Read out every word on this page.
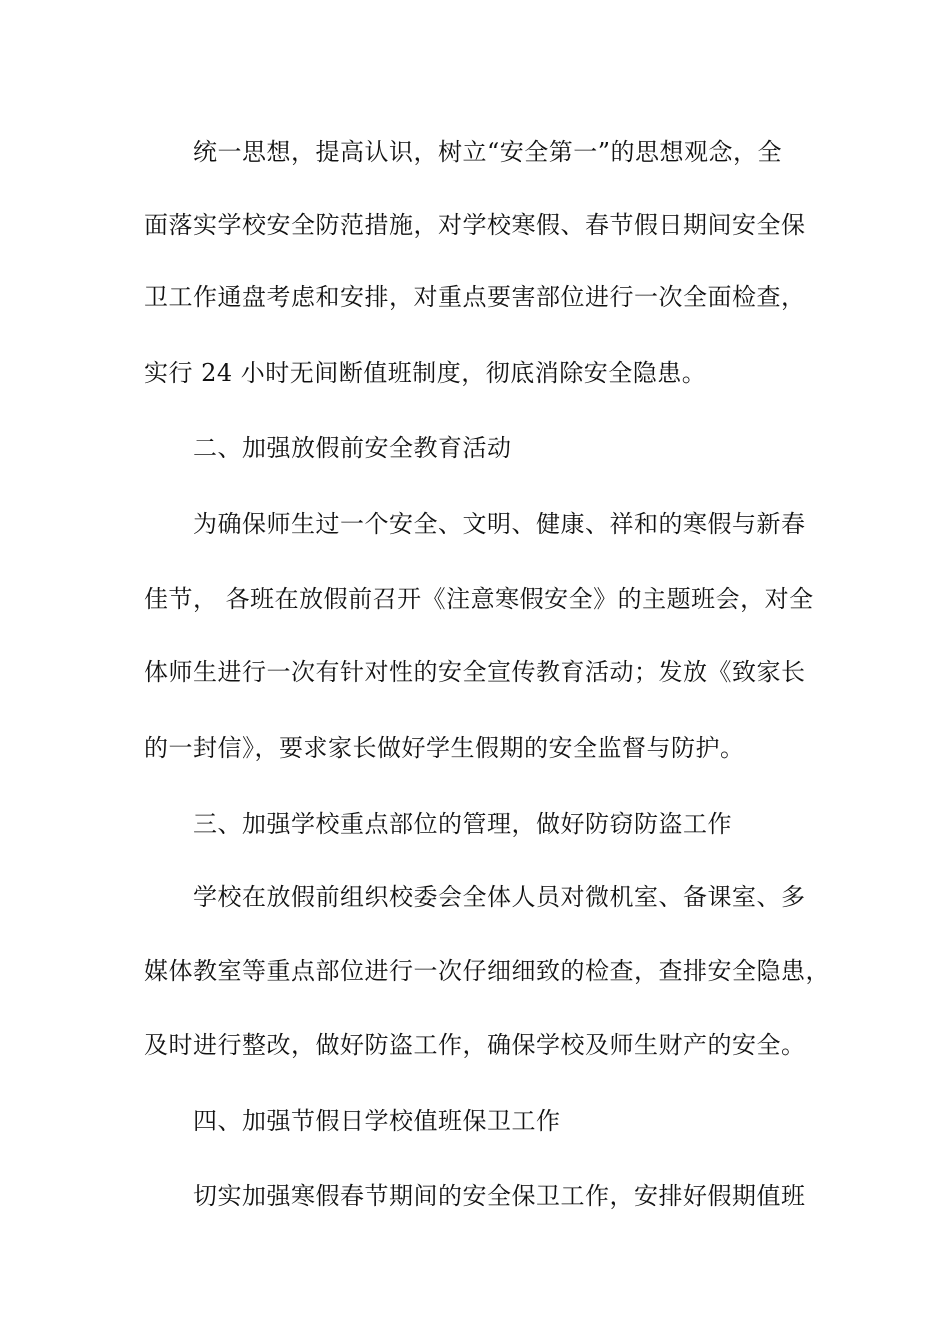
统一思想，提高认识，树立“安全第一”的思想观念，全
面落实学校安全防范措施，对学校寒假、春节假日期间安全保
卫工作通盘考虑和安排，对重点要害部位进行一次全面检查，
实行 24 小时无间断值班制度，彻底消除安全隐患。
二、加强放假前安全教育活动
为确保师生过一个安全、文明、健康、祥和的寒假与新春
佳节， 各班在放假前召开《注意寒假安全》的主题班会，对全
体师生进行一次有针对性的安全宣传教育活动；发放《致家长
的一封信》，要求家长做好学生假期的安全监督与防护。
三、加强学校重点部位的管理，做好防窃防盗工作
学校在放假前组织校委会全体人员对微机室、备课室、多
媒体教室等重点部位进行一次仔细细致的检查，查排安全隐患，
及时进行整改，做好防盗工作，确保学校及师生财产的安全。
四、加强节假日学校值班保卫工作
切实加强寒假春节期间的安全保卫工作，安排好假期值班
